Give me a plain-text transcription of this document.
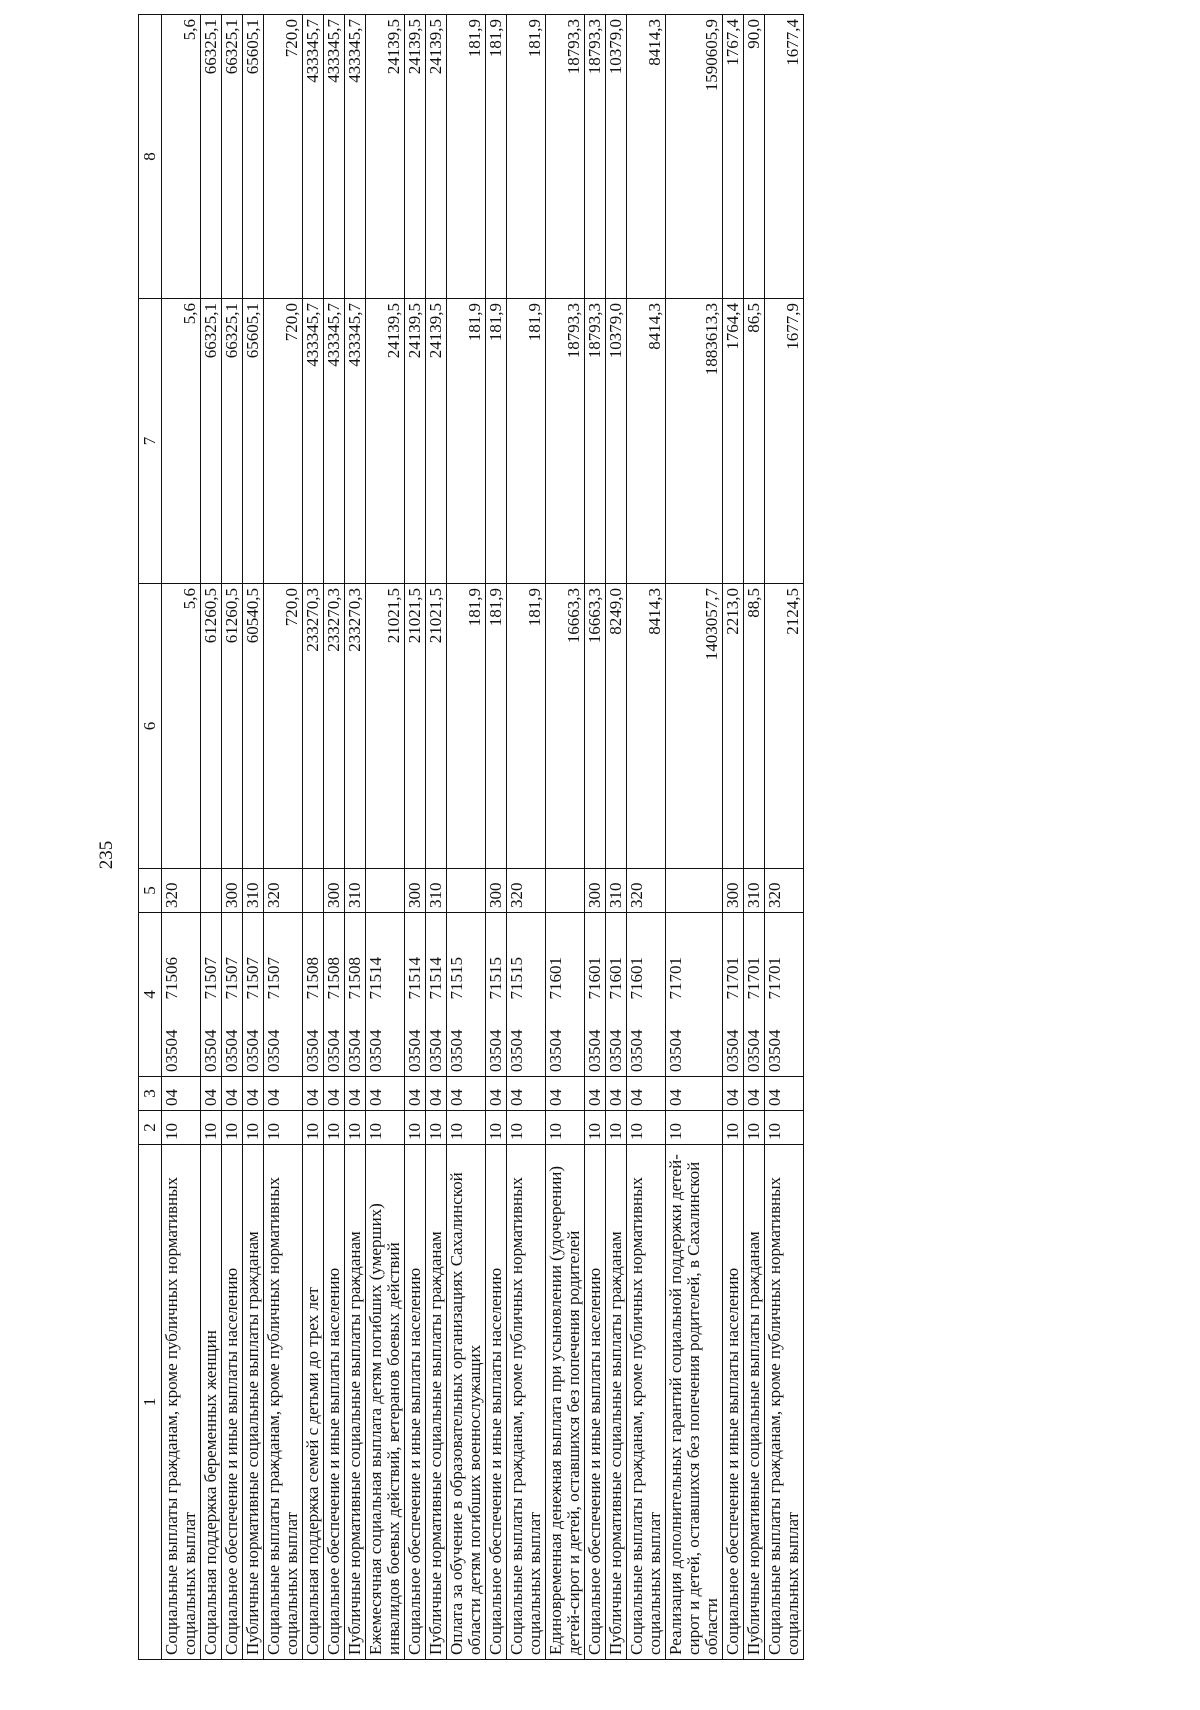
235
1	2	3	4	5	6	7	8
Социальные выплаты гражданам, кроме публичных нормативных социальных выплат	10	04	0350471506	320	5,6	5,6	5,6
Социальная поддержка беременных женщин	10	04	0350471507		61260,5	66325,1	66325,1
Социальное обеспечение и иные выплаты населению	10	04	0350471507	300	61260,5	66325,1	66325,1
Публичные нормативные социальные выплаты гражданам	10	04	0350471507	310	60540,5	65605,1	65605,1
Социальные выплаты гражданам, кроме публичных нормативных социальных выплат	10	04	0350471507	320	720,0	720,0	720,0
Социальная поддержка семей с детьми до трех лет	10	04	0350471508		233270,3	433345,7	433345,7
Социальное обеспечение и иные выплаты населению	10	04	0350471508	300	233270,3	433345,7	433345,7
Публичные нормативные социальные выплаты гражданам	10	04	0350471508	310	233270,3	433345,7	433345,7
Ежемесячная социальная выплата детям погибших (умерших) инвалидов боевых действий, ветеранов боевых действий	10	04	0350471514		21021,5	24139,5	24139,5
Социальное обеспечение и иные выплаты населению	10	04	0350471514	300	21021,5	24139,5	24139,5
Публичные нормативные социальные выплаты гражданам	10	04	0350471514	310	21021,5	24139,5	24139,5
Оплата за обучение в образовательных организациях Сахалинской области детям погибших военнослужащих	10	04	0350471515		181,9	181,9	181,9
Социальное обеспечение и иные выплаты населению	10	04	0350471515	300	181,9	181,9	181,9
Социальные выплаты гражданам, кроме публичных нормативных социальных выплат	10	04	0350471515	320	181,9	181,9	181,9
Единовременная денежная выплата при усыновлении (удочерении) детей-сирот и детей, оставшихся без попечения родителей	10	04	0350471601		16663,3	18793,3	18793,3
Социальное обеспечение и иные выплаты населению	10	04	0350471601	300	16663,3	18793,3	18793,3
Публичные нормативные социальные выплаты гражданам	10	04	0350471601	310	8249,0	10379,0	10379,0
Социальные выплаты гражданам, кроме публичных нормативных социальных выплат	10	04	0350471601	320	8414,3	8414,3	8414,3
Реализация дополнительных гарантий социальной поддержки детей-сирот и детей, оставшихся без попечения родителей, в Сахалинской области	10	04	0350471701		1403057,7	1883613,3	1590605,9
Социальное обеспечение и иные выплаты населению	10	04	0350471701	300	2213,0	1764,4	1767,4
Публичные нормативные социальные выплаты гражданам	10	04	0350471701	310	88,5	86,5	90,0
Социальные выплаты гражданам, кроме публичных нормативных социальных выплат	10	04	0350471701	320	2124,5	1677,9	1677,4
